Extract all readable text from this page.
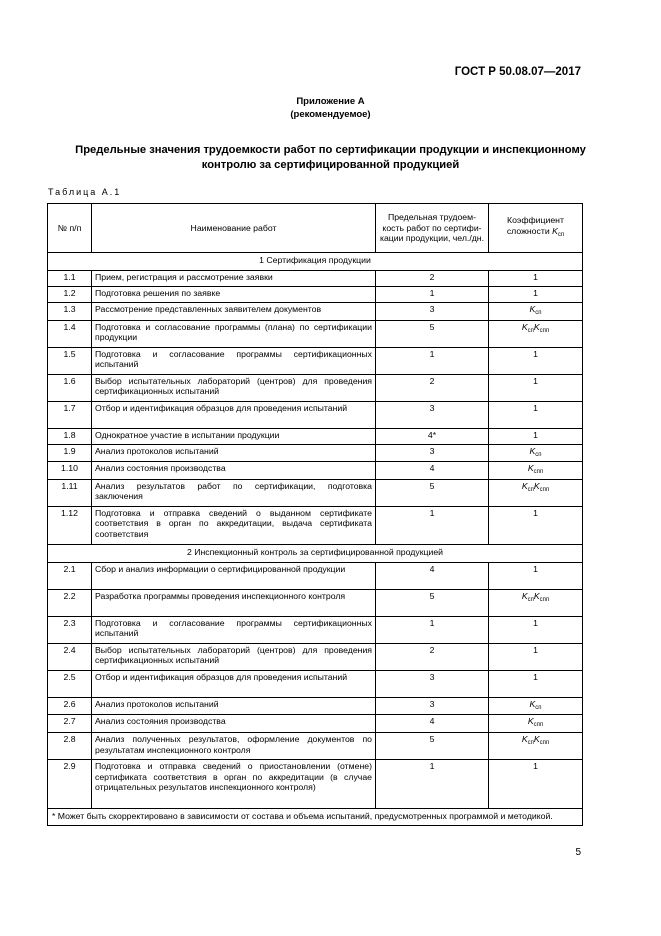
ГОСТ Р 50.08.07—2017
Приложение А
(рекомендуемое)
Предельные значения трудоемкости работ по сертификации продукции и инспекционному
контролю за сертифицированной продукцией
Таблица А.1
№ п/п	Наименование работ	Предельная трудоем-кость работ по сертифи-кации продукции, чел./дн.	Коэффициент сложности $K_{сп}$
1 Сертификация продукции			
1.1	Прием, регистрация и рассмотрение заявки	2	1
1.2	Подготовка решения по заявке	1	1
1.3	Рассмотрение представленных заявителем документов	3	$K_{сп}$
1.4	Подготовка и согласование программы (плана) по сертификации продукции	5	$K_{сп}K_{спп}$
1.5	Подготовка и согласование программы сертификационных испытаний	1	1
1.6	Выбор испытательных лабораторий (центров) для проведения сертификационных испытаний	2	1
1.7	Отбор и идентификация образцов для проведения испытаний	3	1
1.8	Однократное участие в испытании продукции	4*	1
1.9	Анализ протоколов испытаний	3	$K_{сп}$
1.10	Анализ состояния производства	4	$K_{спп}$
1.11	Анализ результатов работ по сертификации, подготовка заключения	5	$K_{сп}K_{спп}$
1.12	Подготовка и отправка сведений о выданном сертификате соответствия в орган по аккредитации, выдача сертификата соответствия	1	1
2 Инспекционный контроль за сертифицированной продукцией			
2.1	Сбор и анализ информации о сертифицированной продукции	4	1
2.2	Разработка программы проведения инспекционного контроля	5	$K_{сп}K_{спп}$
2.3	Подготовка и согласование программы сертификационных испытаний	1	1
2.4	Выбор испытательных лабораторий (центров) для проведения сертификационных испытаний	2	1
2.5	Отбор и идентификация образцов для проведения испытаний	3	1
2.6	Анализ протоколов испытаний	3	$K_{сп}$
2.7	Анализ состояния производства	4	$K_{спп}$
2.8	Анализ полученных результатов, оформление документов по результатам инспекционного контроля	5	$K_{сп}K_{спп}$
2.9	Подготовка и отправка сведений о приостановлении (отмене) сертификата соответствия в орган по аккредитации (в случае отрицательных результатов инспекционного контроля)	1	1
* Может быть скорректировано в зависимости от состава и объема испытаний, предусмотренных программой и методикой.			
5
